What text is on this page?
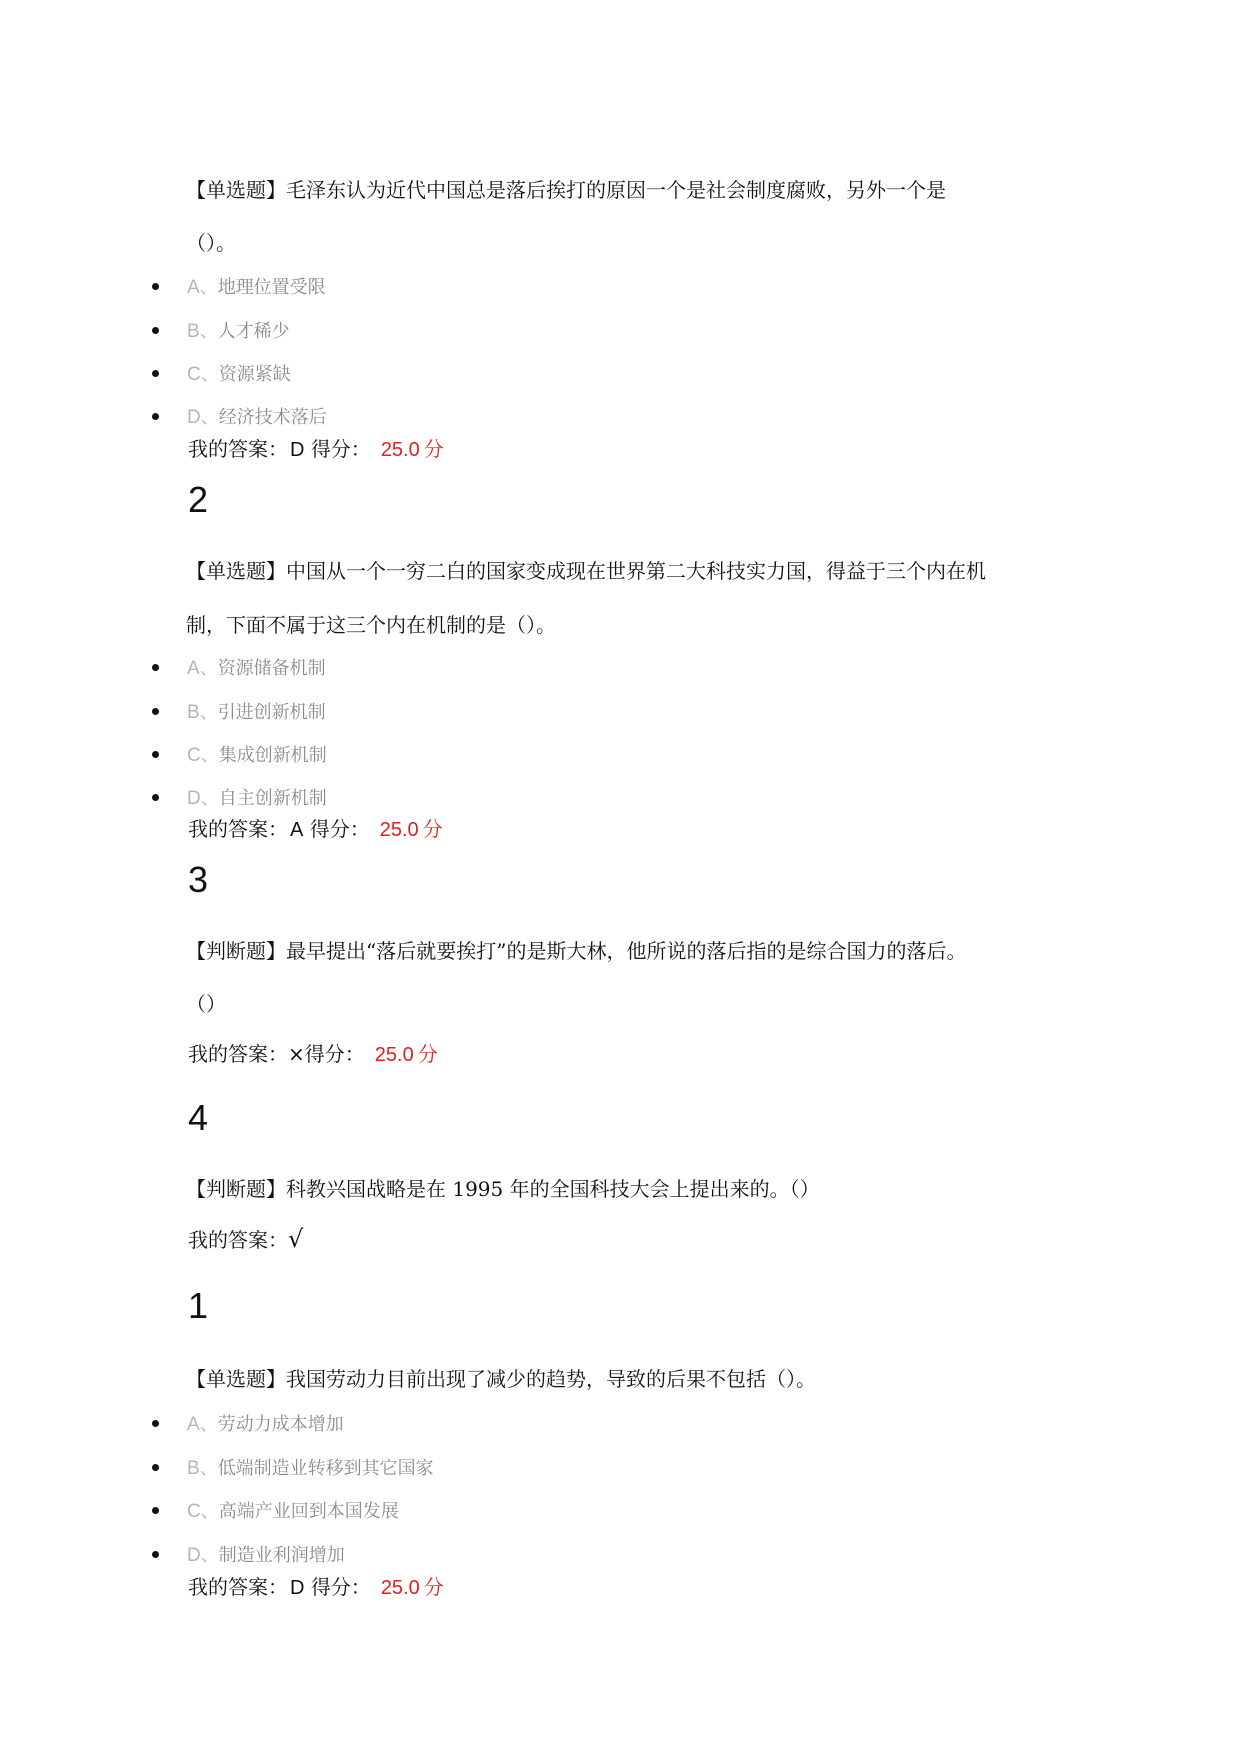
【单选题】毛泽东认为近代中国总是落后挨打的原因一个是社会制度腐败，另外一个是
（）。
A、地理位置受限
B、人才稀少
C、资源紧缺
D、经济技术落后
我的答案： D 得分： 25.0 分
2
【单选题】中国从一个一穷二白的国家变成现在世界第二大科技实力国，得益于三个内在机
制，下面不属于这三个内在机制的是（）。
A、资源储备机制
B、引进创新机制
C、集成创新机制
D、自主创新机制
我的答案： A 得分： 25.0 分
3
【判断题】最早提出“落后就要挨打”的是斯大林，他所说的落后指的是综合国力的落后。
（）
我的答案：×得分： 25.0 分
4
【判断题】科教兴国战略是在 1995 年的全国科技大会上提出来的。（）
我的答案：√
1
【单选题】我国劳动力目前出现了减少的趋势，导致的后果不包括（）。
A、劳动力成本增加
B、低端制造业转移到其它国家
C、高端产业回到本国发展
D、制造业利润增加
我的答案： D 得分： 25.0 分
